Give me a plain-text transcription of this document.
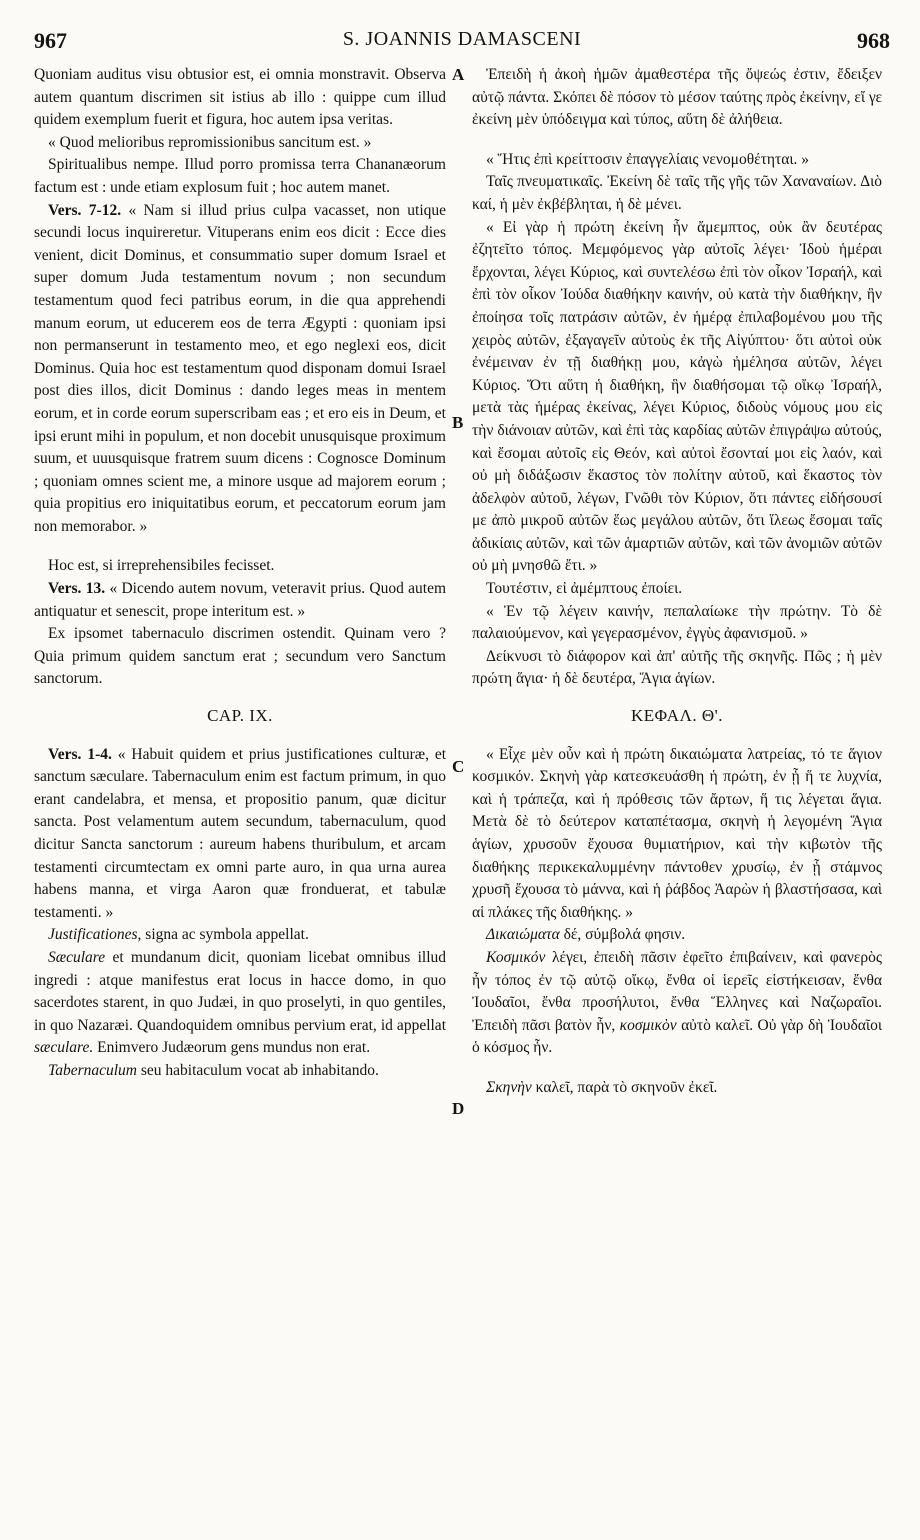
967	S. JOANNIS DAMASCENI	968
A
B
C
D

Quoniam auditus visu obtusior est, ei omnia monstravit. Observa autem quantum discrimen sit istius ab illo : quippe cum illud quidem exemplum fuerit et figura, hoc autem ipsa veritas.

« Quod melioribus repromissionibus sancitum est. »

Spiritualibus nempe. Illud porro promissa terra Chananæorum factum est : unde etiam explosum fuit ; hoc autem manet.

Vers. 7-12. « Nam si illud prius culpa vacasset, non utique secundi locus inquireretur. Vituperans enim eos dicit : Ecce dies venient, dicit Dominus, et consummatio super domum Israel et super domum Juda testamentum novum ; non secundum testamentum quod feci patribus eorum, in die qua apprehendi manum eorum, ut educerem eos de terra Ægypti : quoniam ipsi non permanserunt in testamento meo, et ego neglexi eos, dicit Dominus. Quia hoc est testamentum quod disponam domui Israel post dies illos, dicit Dominus : dando leges meas in mentem eorum, et in corde eorum superscribam eas ; et ero eis in Deum, et ipsi erunt mihi in populum, et non docebit unusquisque proximum suum, et uuusquisque fratrem suum dicens : Cognosce Dominum ; quoniam omnes scient me, a minore usque ad majorem eorum ; quia propitius ero iniquitatibus eorum, et peccatorum eorum jam non memorabor. »

Hoc est, si irreprehensibiles fecisset.

Vers. 13. « Dicendo autem novum, veteravit prius. Quod autem antiquatur et senescit, prope interitum est. »

Ex ipsomet tabernaculo discrimen ostendit. Quinam vero ? Quia primum quidem sanctum erat ; secundum vero Sanctum sanctorum.

CAP. IX.

Vers. 1-4. « Habuit quidem et prius justificationes culturæ, et sanctum sæculare. Tabernaculum enim est factum primum, in quo erant candelabra, et mensa, et propositio panum, quæ dicitur sancta. Post velamentum autem secundum, tabernaculum, quod dicitur Sancta sanctorum : aureum habens thuribulum, et arcam testamenti circumtectam ex omni parte auro, in qua urna aurea habens manna, et virga Aaron quæ fronduerat, et tabulæ testamenti. »

Justificationes, signa ac symbola appellat.

Sæculare et mundanum dicit, quoniam licebat omnibus illud ingredi : atque manifestus erat locus in hacce domo, in quo sacerdotes starent, in quo Judæi, in quo proselyti, in quo gentiles, in quo Nazaræi. Quandoquidem omnibus pervium erat, id appellat sæculare. Enimvero Judæorum gens mundus non erat.

Tabernaculum seu habitaculum vocat ab inhabitando.

Ἐπειδὴ ἡ ἀκοὴ ἡμῶν ἀμαθεστέρα τῆς ὄψεώς ἐστιν, ἔδειξεν αὐτῷ πάντα. Σκόπει δὲ πόσον τὸ μέσον ταύτης πρὸς ἐκείνην, εἴ γε ἐκείνη μὲν ὑπόδειγμα καὶ τύπος, αὕτη δὲ ἀλήθεια.

« Ἥτις ἐπὶ κρείττοσιν ἐπαγγελίαις νενομοθέτηται. »

Ταῖς πνευματικαῖς. Ἐκείνη δὲ ταῖς τῆς γῆς τῶν Χαναναίων. Διὸ καί, ἡ μὲν ἐκβέβληται, ἡ δὲ μένει.

« Εἰ γὰρ ἡ πρώτη ἐκείνη ἦν ἄμεμπτος, οὐκ ἂν δευτέρας ἐζητεῖτο τόπος. Μεμφόμενος γὰρ αὐτοῖς λέγει· Ἰδοὺ ἡμέραι ἔρχονται, λέγει Κύριος, καὶ συντελέσω ἐπὶ τὸν οἶκον Ἰσραήλ, καὶ ἐπὶ τὸν οἶκον Ἰούδα διαθήκην καινήν, οὐ κατὰ τὴν διαθήκην, ἣν ἐποίησα τοῖς πατράσιν αὐτῶν, ἐν ἡμέρᾳ ἐπιλαβομένου μου τῆς χειρὸς αὐτῶν, ἐξαγαγεῖν αὐτοὺς ἐκ τῆς Αἰγύπτου· ὅτι αὐτοὶ οὐκ ἐνέμειναν ἐν τῇ διαθήκῃ μου, κἀγὼ ἠμέλησα αὐτῶν, λέγει Κύριος. Ὅτι αὕτη ἡ διαθήκη, ἣν διαθήσομαι τῷ οἴκῳ Ἰσραήλ, μετὰ τὰς ἡμέρας ἐκείνας, λέγει Κύριος, διδοὺς νόμους μου εἰς τὴν διάνοιαν αὐτῶν, καὶ ἐπὶ τὰς καρδίας αὐτῶν ἐπιγράψω αὐτούς, καὶ ἔσομαι αὐτοῖς εἰς Θεόν, καὶ αὐτοὶ ἔσονταί μοι εἰς λαόν, καὶ οὐ μὴ διδάξωσιν ἕκαστος τὸν πολίτην αὐτοῦ, καὶ ἕκαστος τὸν ἀδελφὸν αὐτοῦ, λέγων, Γνῶθι τὸν Κύριον, ὅτι πάντες εἰδήσουσί με ἀπὸ μικροῦ αὐτῶν ἕως μεγάλου αὐτῶν, ὅτι ἵλεως ἔσομαι ταῖς ἀδικίαις αὐτῶν, καὶ τῶν ἁμαρτιῶν αὐτῶν, καὶ τῶν ἀνομιῶν αὐτῶν οὐ μὴ μνησθῶ ἔτι. »

Τουτέστιν, εἰ ἀμέμπτους ἐποίει.

« Ἐν τῷ λέγειν καινήν, πεπαλαίωκε τὴν πρώτην. Τὸ δὲ παλαιούμενον, καὶ γεγερασμένον, ἐγγὺς ἀφανισμοῦ. »

Δείκνυσι τὸ διάφορον καὶ ἀπ' αὐτῆς τῆς σκηνῆς. Πῶς ; ἡ μὲν πρώτη ἅγια· ἡ δὲ δευτέρα, Ἅγια ἁγίων.

ΚΕΦΑΛ. Θ'.

« Εἶχε μὲν οὖν καὶ ἡ πρώτη δικαιώματα λατρείας, τό τε ἅγιον κοσμικόν. Σκηνὴ γὰρ κατεσκευάσθη ἡ πρώτη, ἐν ᾗ ἥ τε λυχνία, καὶ ἡ τράπεζα, καὶ ἡ πρόθεσις τῶν ἄρτων, ἥ τις λέγεται ἅγια. Μετὰ δὲ τὸ δεύτερον καταπέτασμα, σκηνὴ ἡ λεγομένη Ἅγια ἁγίων, χρυσοῦν ἔχουσα θυμιατήριον, καὶ τὴν κιβωτὸν τῆς διαθήκης περικεκαλυμμένην πάντοθεν χρυσίῳ, ἐν ᾗ στάμνος χρυσῆ ἔχουσα τὸ μάννα, καὶ ἡ ῥάβδος Ἀαρὼν ἡ βλαστήσασα, καὶ αἱ πλάκες τῆς διαθήκης. »

Δικαιώματα δέ, σύμβολά φησιν.

Κοσμικόν λέγει, ἐπειδὴ πᾶσιν ἐφεῖτο ἐπιβαίνειν, καὶ φανερὸς ἦν τόπος ἐν τῷ αὐτῷ οἴκῳ, ἔνθα οἱ ἱερεῖς εἱστήκεισαν, ἔνθα Ἰουδαῖοι, ἔνθα προσήλυτοι, ἔνθα Ἕλληνες καὶ Ναζωραῖοι. Ἐπειδὴ πᾶσι βατὸν ἦν, κοσμικὸν αὐτὸ καλεῖ. Οὐ γὰρ δὴ Ἰουδαῖοι ὁ κόσμος ἦν.

Σκηνὴν καλεῖ, παρὰ τὸ σκηνοῦν ἐκεῖ.
